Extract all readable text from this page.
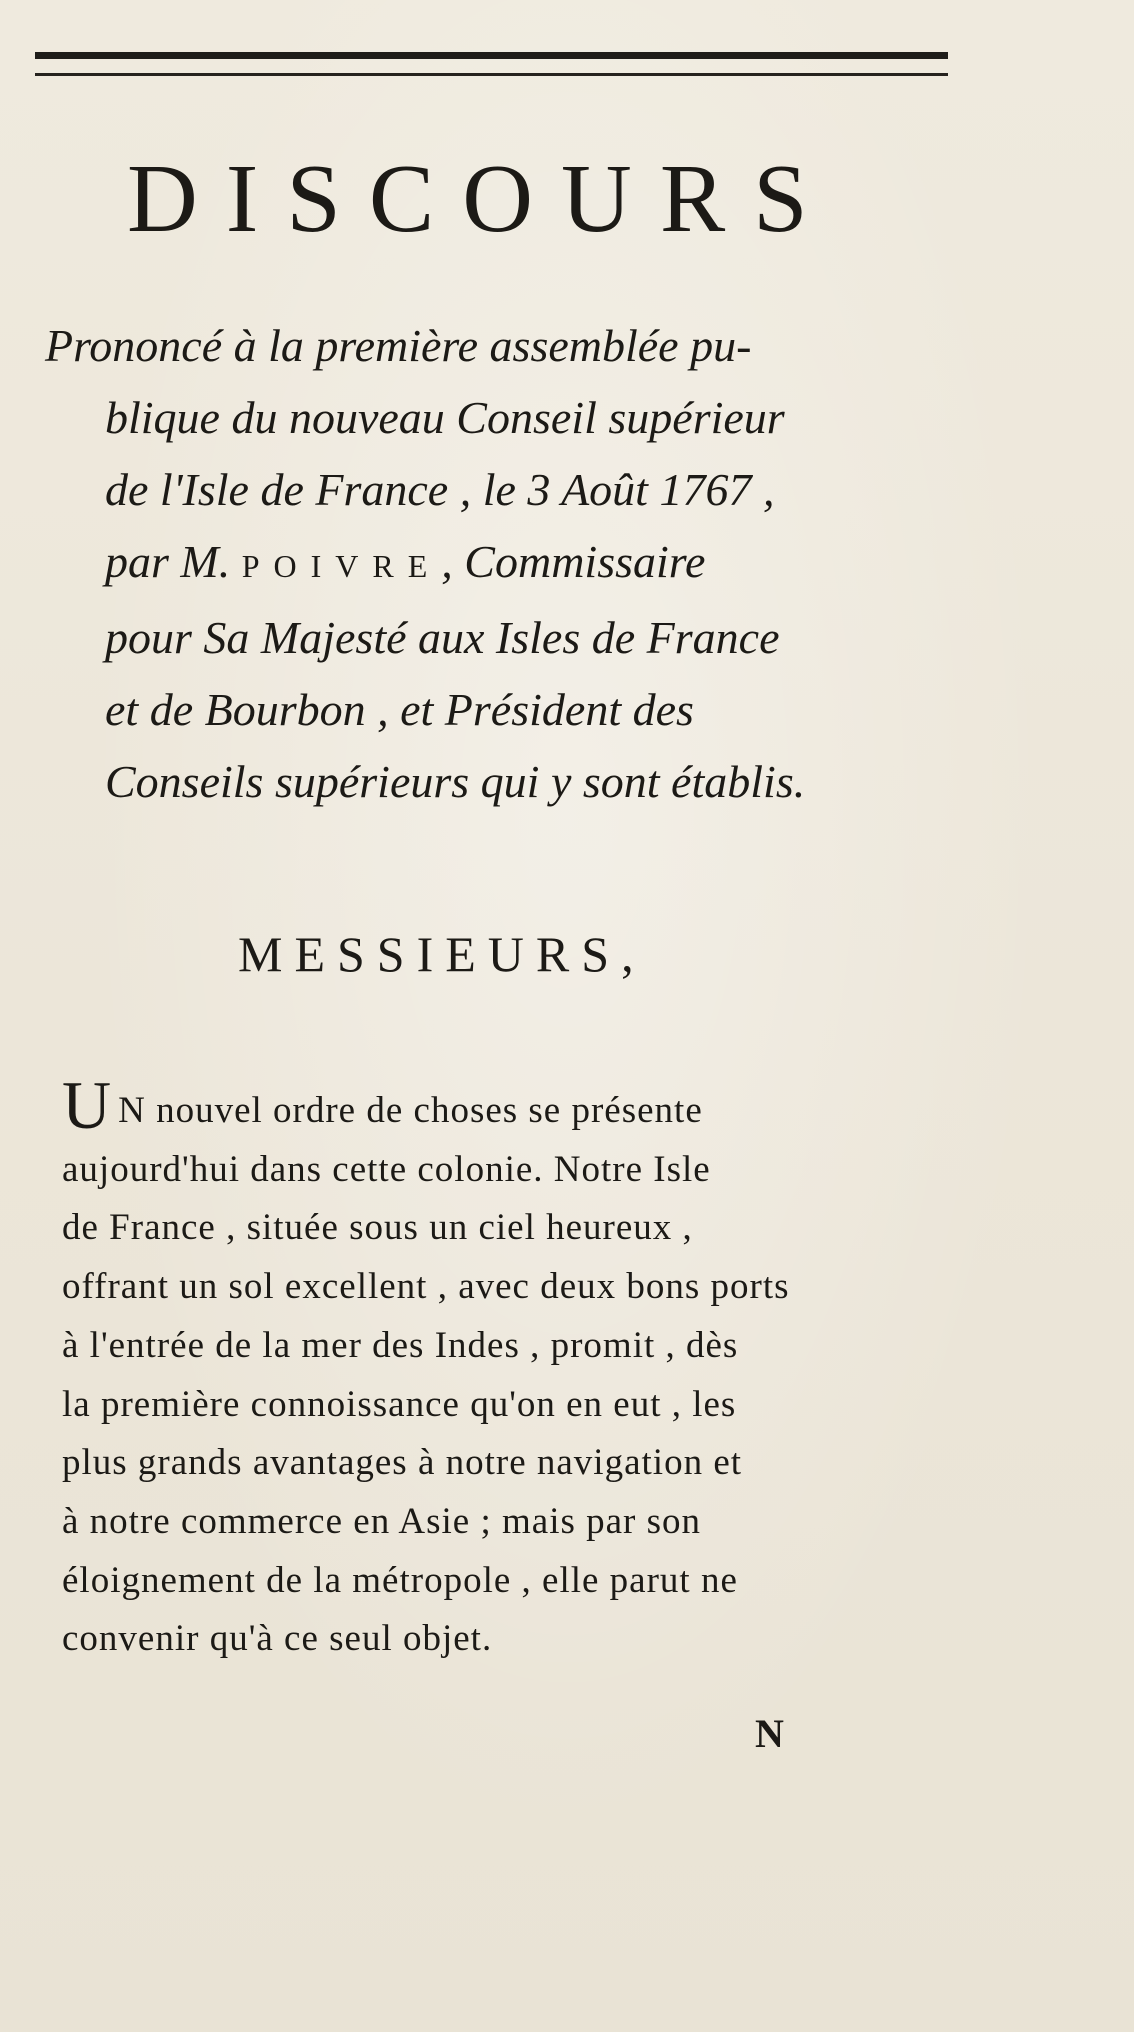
DISCOURS

Prononcé à la première assemblée pu-
blique du nouveau Conseil supérieur
de l'Isle de France , le 3 Août 1767 ,
par M. POIVRE, Commissaire
pour Sa Majesté aux Isles de France
et de Bourbon , et Président des
Conseils supérieurs qui y sont établis.

MESSIEURS,

U N nouvel ordre de choses se présente
aujourd'hui dans cette colonie. Notre Isle
de France , située sous un ciel heureux ,
offrant un sol excellent , avec deux bons ports
à l'entrée de la mer des Indes , promit , dès
la première connoissance qu'on en eut , les
plus grands avantages à notre navigation et
à notre commerce en Asie ; mais par son
éloignement de la métropole , elle parut ne
convenir qu'à ce seul objet.

N
